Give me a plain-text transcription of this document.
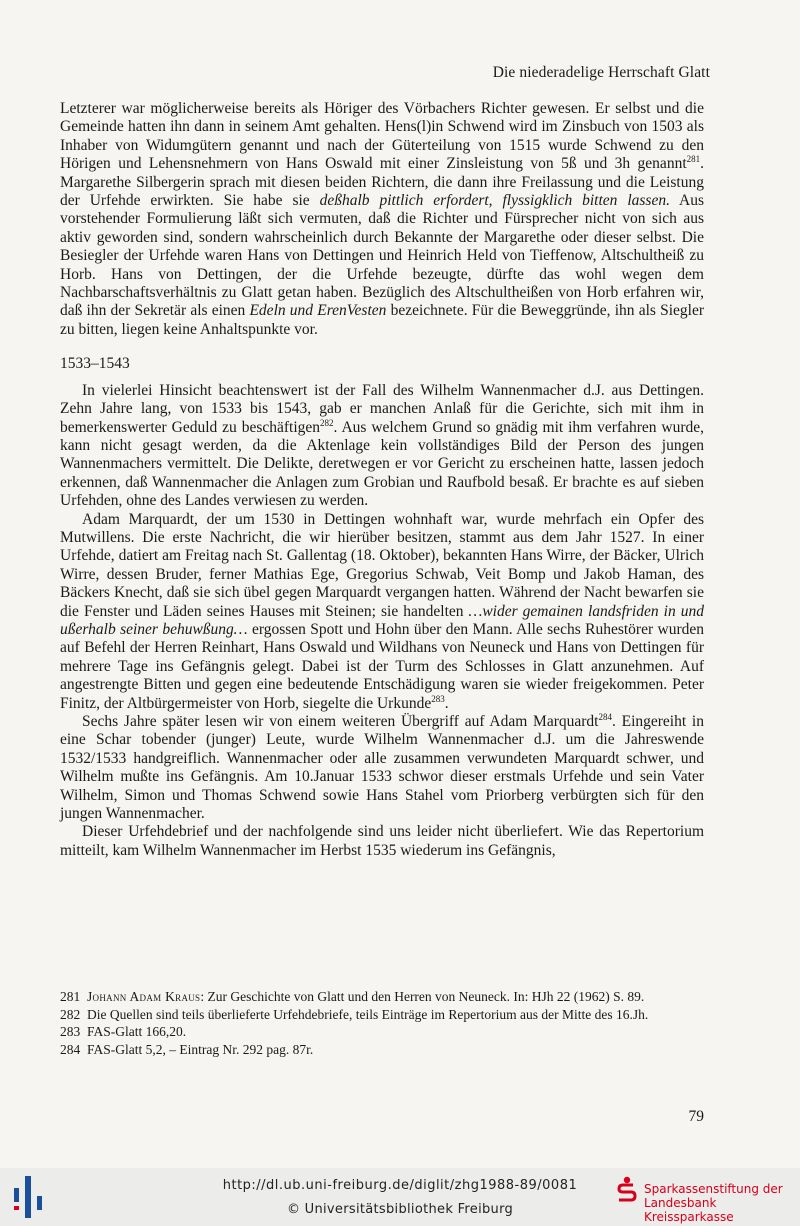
Die niederadelige Herrschaft Glatt

Letzterer war möglicherweise bereits als Höriger des Vörbachers Richter gewesen. Er selbst und die Gemeinde hatten ihn dann in seinem Amt gehalten. Hens(l)in Schwend wird im Zinsbuch von 1503 als Inhaber von Widumgütern genannt und nach der Güterteilung von 1515 wurde Schwend zu den Hörigen und Lehensnehmern von Hans Oswald mit einer Zinsleistung von 5ß und 3h genannt$^{281}$. Margarethe Silbergerin sprach mit diesen beiden Richtern, die dann ihre Freilassung und die Leistung der Urfehde erwirkten. Sie habe sie deßhalb pittlich erfordert, flyssigklich bitten lassen. Aus vorstehender Formulierung läßt sich vermuten, daß die Richter und Fürsprecher nicht von sich aus aktiv geworden sind, sondern wahrscheinlich durch Bekannte der Margarethe oder dieser selbst. Die Besiegler der Urfehde waren Hans von Dettingen und Heinrich Held von Tieffenow, Altschultheiß zu Horb. Hans von Dettingen, der die Urfehde bezeugte, dürfte das wohl wegen dem Nachbarschaftsverhältnis zu Glatt getan haben. Bezüglich des Altschultheißen von Horb erfahren wir, daß ihn der Sekretär als einen Edeln und ErenVesten bezeichnete. Für die Beweggründe, ihn als Siegler zu bitten, liegen keine Anhaltspunkte vor.

1533–1543

In vielerlei Hinsicht beachtenswert ist der Fall des Wilhelm Wannenmacher d.J. aus Dettingen. Zehn Jahre lang, von 1533 bis 1543, gab er manchen Anlaß für die Gerichte, sich mit ihm in bemerkenswerter Geduld zu beschäftigen$^{282}$. Aus welchem Grund so gnädig mit ihm verfahren wurde, kann nicht gesagt werden, da die Aktenlage kein vollständiges Bild der Person des jungen Wannenmachers vermittelt. Die Delikte, deretwegen er vor Gericht zu erscheinen hatte, lassen jedoch erkennen, daß Wannenmacher die Anlagen zum Grobian und Raufbold besaß. Er brachte es auf sieben Urfehden, ohne des Landes verwiesen zu werden.

Adam Marquardt, der um 1530 in Dettingen wohnhaft war, wurde mehrfach ein Opfer des Mutwillens. Die erste Nachricht, die wir hierüber besitzen, stammt aus dem Jahr 1527. In einer Urfehde, datiert am Freitag nach St. Gallentag (18. Oktober), bekannten Hans Wirre, der Bäcker, Ulrich Wirre, dessen Bruder, ferner Mathias Ege, Gregorius Schwab, Veit Bomp und Jakob Haman, des Bäckers Knecht, daß sie sich übel gegen Marquardt vergangen hatten. Während der Nacht bewarfen sie die Fenster und Läden seines Hauses mit Steinen; sie handelten …wider gemainen landsfriden in und ußerhalb seiner behuwßung… ergossen Spott und Hohn über den Mann. Alle sechs Ruhestörer wurden auf Befehl der Herren Reinhart, Hans Oswald und Wildhans von Neuneck und Hans von Dettingen für mehrere Tage ins Gefängnis gelegt. Dabei ist der Turm des Schlosses in Glatt anzunehmen. Auf angestrengte Bitten und gegen eine bedeutende Entschädigung waren sie wieder freigekommen. Peter Finitz, der Altbürgermeister von Horb, siegelte die Urkunde$^{283}$.

Sechs Jahre später lesen wir von einem weiteren Übergriff auf Adam Marquardt$^{284}$. Eingereiht in eine Schar tobender (junger) Leute, wurde Wilhelm Wannenmacher d.J. um die Jahreswende 1532/1533 handgreiflich. Wannenmacher oder alle zusammen verwundeten Marquardt schwer, und Wilhelm mußte ins Gefängnis. Am 10.Januar 1533 schwor dieser erstmals Urfehde und sein Vater Wilhelm, Simon und Thomas Schwend sowie Hans Stahel vom Priorberg verbürgten sich für den jungen Wannenmacher.

Dieser Urfehdebrief und der nachfolgende sind uns leider nicht überliefert. Wie das Repertorium mitteilt, kam Wilhelm Wannenmacher im Herbst 1535 wiederum ins Gefängnis,

281  Johann Adam Kraus: Zur Geschichte von Glatt und den Herren von Neuneck. In: HJh 22 (1962) S. 89.

282  Die Quellen sind teils überlieferte Urfehdebriefe, teils Einträge im Repertorium aus der Mitte des 16.Jh.

283  FAS-Glatt 166,20.

284  FAS-Glatt 5,2, – Eintrag Nr. 292 pag. 87r.

79
http://dl.ub.uni-freiburg.de/diglit/zhg1988-89/0081
© Universitätsbibliothek Freiburg
Sparkassenstiftung der
Landesbank Kreissparkasse
